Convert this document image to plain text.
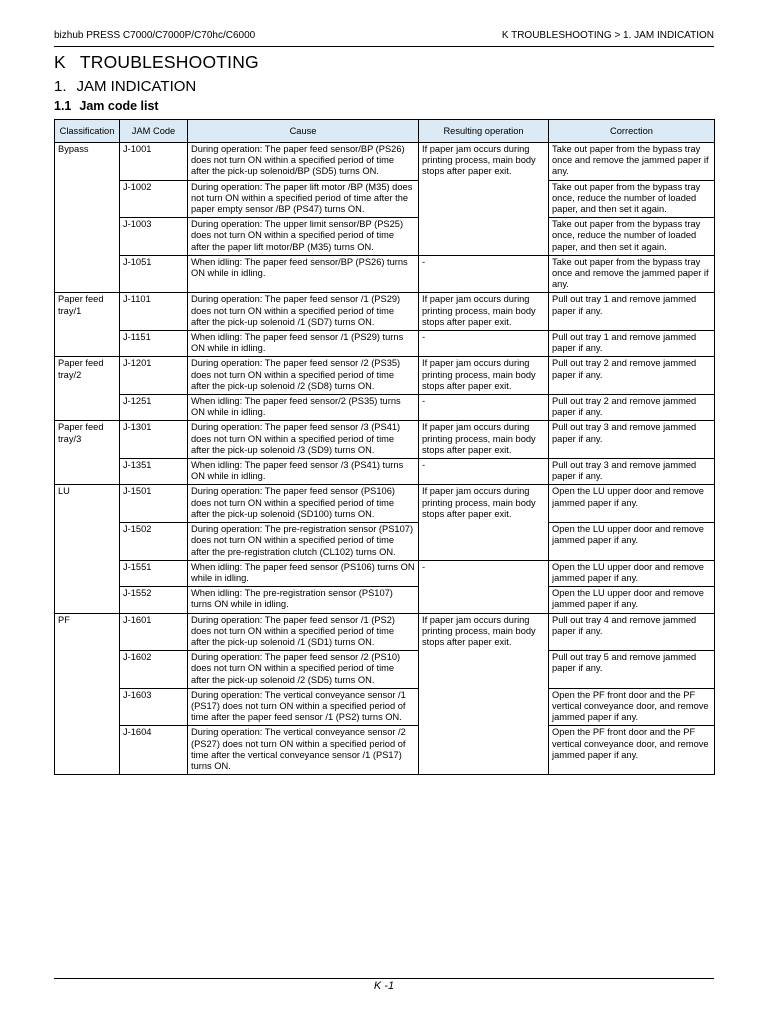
bizhub PRESS C7000/C7000P/C70hc/C6000	K TROUBLESHOOTING > 1. JAM INDICATION
K TROUBLESHOOTING
1. JAM INDICATION
1.1 Jam code list
Classification	JAM Code	Cause	Resulting operation	Correction
Bypass	J-1001	During operation: The paper feed sensor/BP (PS26) does not turn ON within a specified period of time after the pick-up solenoid/BP (SD5) turns ON.	If paper jam occurs during printing process, main body stops after paper exit.	Take out paper from the bypass tray once and remove the jammed paper if any.
	J-1002	During operation: The paper lift motor /BP (M35) does not turn ON within a specified period of time after the paper empty sensor /BP (PS47) turns ON.		Take out paper from the bypass tray once, reduce the number of loaded paper, and then set it again.
	J-1003	During operation: The upper limit sensor/BP (PS25) does not turn ON within a specified period of time after the paper lift motor/BP (M35) turns ON.		Take out paper from the bypass tray once, reduce the number of loaded paper, and then set it again.
	J-1051	When idling: The paper feed sensor/BP (PS26) turns ON while in idling.	-	Take out paper from the bypass tray once and remove the jammed paper if any.
Paper feed tray/1	J-1101	During operation: The paper feed sensor /1 (PS29) does not turn ON within a specified period of time after the pick-up solenoid /1 (SD7) turns ON.	If paper jam occurs during printing process, main body stops after paper exit.	Pull out tray 1 and remove jammed paper if any.
	J-1151	When idling: The paper feed sensor /1 (PS29) turns ON while in idling.	-	Pull out tray 1 and remove jammed paper if any.
Paper feed tray/2	J-1201	During operation: The paper feed sensor /2 (PS35) does not turn ON within a specified period of time after the pick-up solenoid /2 (SD8) turns ON.	If paper jam occurs during printing process, main body stops after paper exit.	Pull out tray 2 and remove jammed paper if any.
	J-1251	When idling: The paper feed sensor/2 (PS35) turns ON while in idling.	-	Pull out tray 2 and remove jammed paper if any.
Paper feed tray/3	J-1301	During operation: The paper feed sensor /3 (PS41) does not turn ON within a specified period of time after the pick-up solenoid /3 (SD9) turns ON.	If paper jam occurs during printing process, main body stops after paper exit.	Pull out tray 3 and remove jammed paper if any.
	J-1351	When idling: The paper feed sensor /3 (PS41) turns ON while in idling.	-	Pull out tray 3 and remove jammed paper if any.
LU	J-1501	During operation: The paper feed sensor (PS106) does not turn ON within a specified period of time after the pick-up solenoid (SD100) turns ON.	If paper jam occurs during printing process, main body stops after paper exit.	Open the LU upper door and remove jammed paper if any.
	J-1502	During operation: The pre-registration sensor (PS107) does not turn ON within a specified period of time after the pre-registration clutch (CL102) turns ON.		Open the LU upper door and remove jammed paper if any.
	J-1551	When idling: The paper feed sensor (PS106) turns ON while in idling.	-	Open the LU upper door and remove jammed paper if any.
	J-1552	When idling: The pre-registration sensor (PS107) turns ON while in idling.		Open the LU upper door and remove jammed paper if any.
PF	J-1601	During operation: The paper feed sensor /1 (PS2) does not turn ON within a specified period of time after the pick-up solenoid /1 (SD1) turns ON.	If paper jam occurs during printing process, main body stops after paper exit.	Pull out tray 4 and remove jammed paper if any.
	J-1602	During operation: The paper feed sensor /2 (PS10) does not turn ON within a specified period of time after the pick-up solenoid /2 (SD5) turns ON.		Pull out tray 5 and remove jammed paper if any.
	J-1603	During operation: The vertical conveyance sensor /1 (PS17) does not turn ON within a specified period of time after the paper feed sensor /1 (PS2) turns ON.		Open the PF front door and the PF vertical conveyance door, and remove jammed paper if any.
	J-1604	During operation: The vertical conveyance sensor /2 (PS27) does not turn ON within a specified period of time after the vertical conveyance sensor /1 (PS17) turns ON.		Open the PF front door and the PF vertical conveyance door, and remove jammed paper if any.
K -1
